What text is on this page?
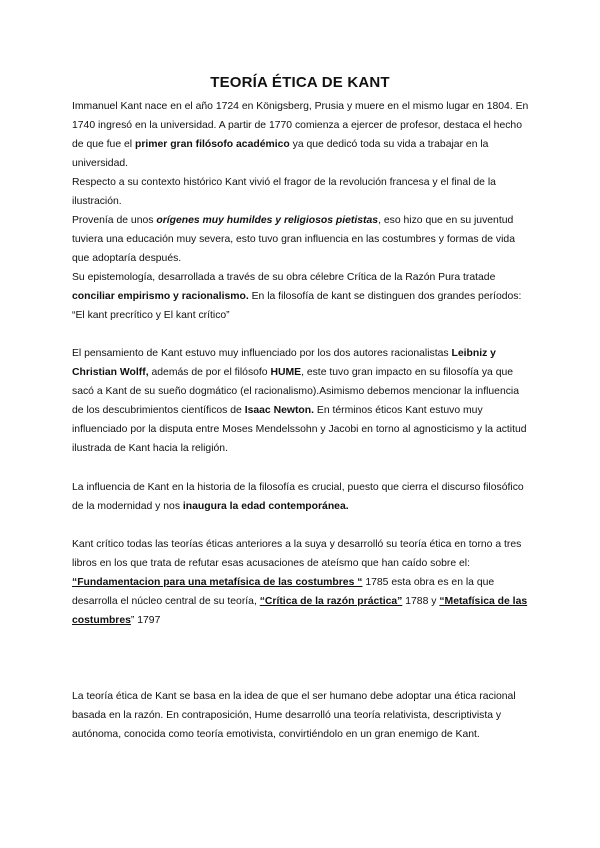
TEORÍA ÉTICA DE KANT

Immanuel Kant nace en el año 1724 en Königsberg, Prusia y muere en el mismo lugar en 1804. En 1740 ingresó en la universidad. A partir de 1770 comienza a ejercer de profesor, destaca el hecho de que fue el primer gran filósofo académico ya que dedicó toda su vida a trabajar en la universidad.

Respecto a su contexto histórico Kant vivió el fragor de la revolución francesa y el final de la ilustración.

Provenía de unos orígenes muy humildes y religiosos pietistas, eso hizo que en su juventud tuviera una educación muy severa, esto tuvo gran influencia en las costumbres y formas de vida que adoptaría después.

Su epistemología, desarrollada a través de su obra célebre Crítica de la Razón Pura tratade conciliar empirismo y racionalismo. En la filosofía de kant se distinguen dos grandes períodos: “El kant precrítico y El kant crítico”

El pensamiento de Kant estuvo muy influenciado por los dos autores racionalistas Leibniz y Christian Wolff, además de por el filósofo HUME, este tuvo gran impacto en su filosofía ya que sacó a Kant de su sueño dogmático (el racionalismo).Asimismo debemos mencionar la influencia de los descubrimientos científicos de Isaac Newton. En términos éticos Kant estuvo muy influenciado por la disputa entre Moses Mendelssohn y Jacobi en torno al agnosticismo y la actitud ilustrada de Kant hacia la religión.

La influencia de Kant en la historia de la filosofía es crucial, puesto que cierra el discurso filosófico de la modernidad y nos inaugura la edad contemporánea.

Kant crítico todas las teorías éticas anteriores a la suya y desarrolló su teoría ética en torno a tres libros en los que trata de refutar esas acusaciones de ateísmo que han caído sobre el: “Fundamentacion para una metafísica de las costumbres “ 1785 esta obra es en la que desarrolla el núcleo central de su teoría, “Crítica de la razón práctica” 1788 y “Metafísica de las costumbres” 1797

La teoría ética de Kant se basa en la idea de que el ser humano debe adoptar una ética racional basada en la razón. En contraposición, Hume desarrolló una teoría relativista, descriptivista y autónoma, conocida como teoría emotivista, convirtiéndolo en un gran enemigo de Kant.
